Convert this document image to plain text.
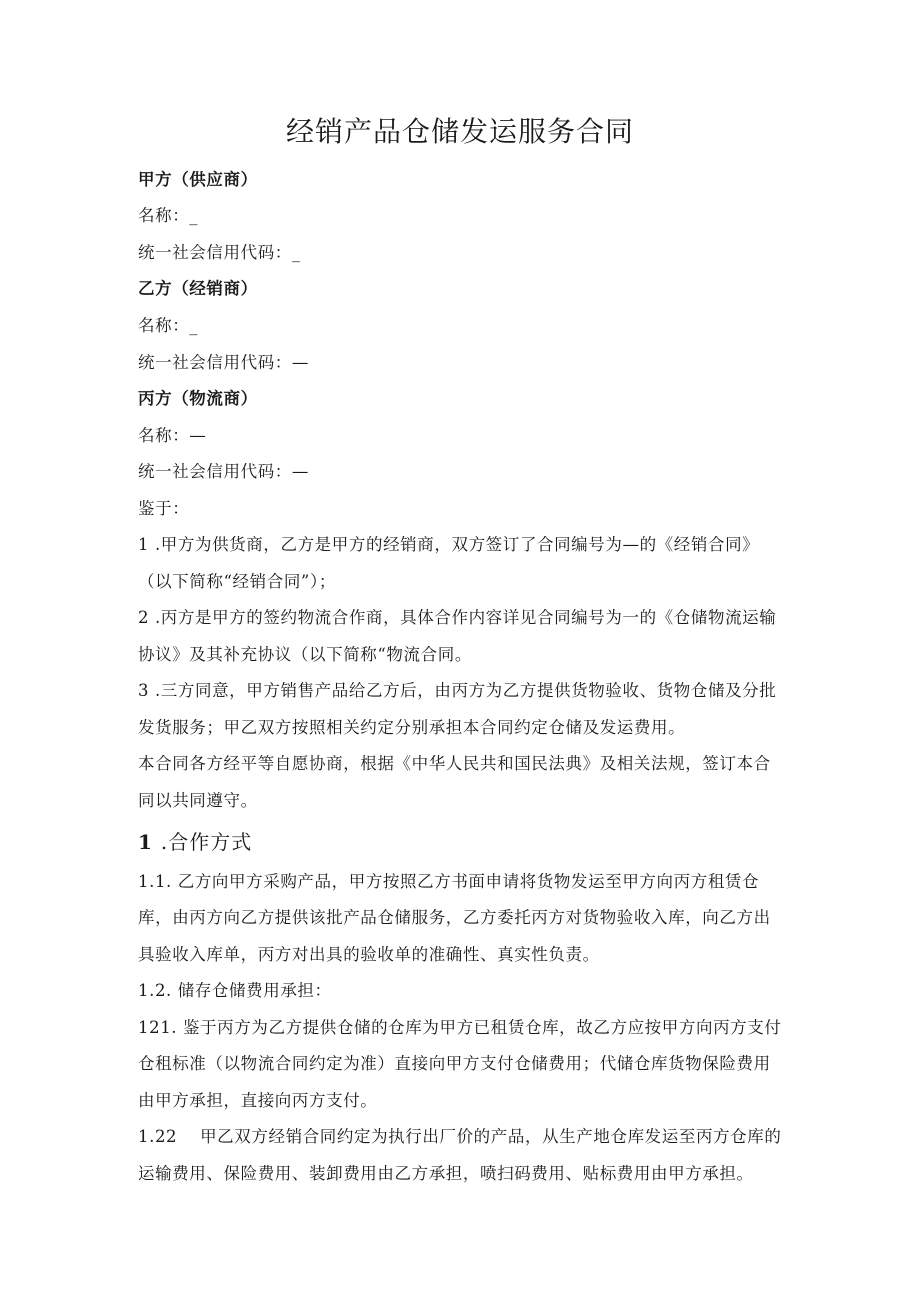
经销产品仓储发运服务合同
甲方（供应商）
名称：_
统一社会信用代码：_
乙方（经销商）
名称：_
统一社会信用代码：—
丙方（物流商）
名称：—
统一社会信用代码：—
鉴于：
1 .甲方为供货商，乙方是甲方的经销商，双方签订了合同编号为—的《经销合同》
（以下简称“经销合同”）；
2 .丙方是甲方的签约物流合作商，具体合作内容详见合同编号为一的《仓储物流运输
协议》及其补充协议（以下简称“物流合同。
3 .三方同意，甲方销售产品给乙方后，由丙方为乙方提供货物验收、货物仓储及分批
发货服务；甲乙双方按照相关约定分别承担本合同约定仓储及发运费用。
本合同各方经平等自愿协商，根据《中华人民共和国民法典》及相关法规，签订本合
同以共同遵守。
1 .合作方式
1.1. 乙方向甲方采购产品，甲方按照乙方书面申请将货物发运至甲方向丙方租赁仓
库，由丙方向乙方提供该批产品仓储服务，乙方委托丙方对货物验收入库，向乙方出
具验收入库单，丙方对出具的验收单的准确性、真实性负责。
1.2. 储存仓储费用承担：
121. 鉴于丙方为乙方提供仓储的仓库为甲方已租赁仓库，故乙方应按甲方向丙方支付
仓租标准（以物流合同约定为准）直接向甲方支付仓储费用；代储仓库货物保险费用
由甲方承担，直接向丙方支付。
1.22　 甲乙双方经销合同约定为执行出厂价的产品，从生产地仓库发运至丙方仓库的
运输费用、保险费用、装卸费用由乙方承担，喷扫码费用、贴标费用由甲方承担。
